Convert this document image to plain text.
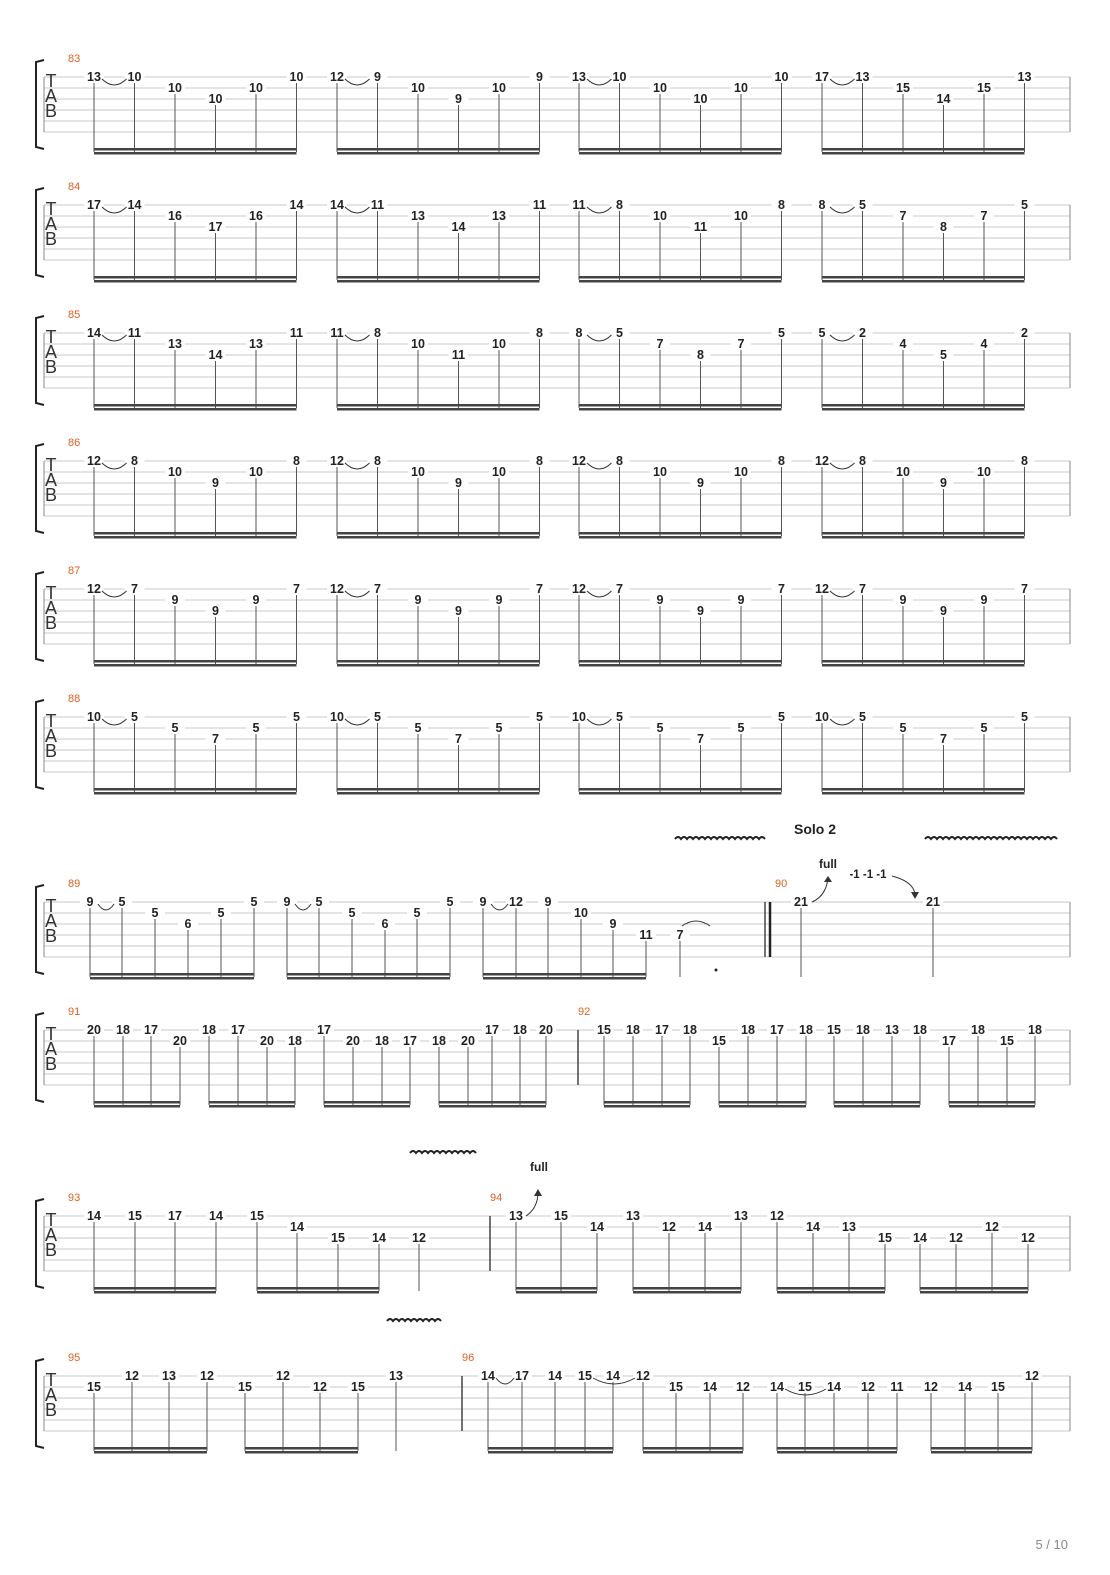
T
A
B
83
13 10
10
10
10
10 12 9
10
9
10
9 13 10
10
10
10
10 17 13
15
14
15
13
T
A
B
84
17 14
16
17
16
14 14 11
13
14
13
11 11 8
10
11
10
8	8	5
7
8
7
5
T
A
B
85
14 11
13
14
13
11 11 8
10
11
10
8	8	5
7
8
7
5	5	2
4
5
4
2
T
A
B
86
12 8
10
9
10
8 12 8
10
9
10
8 12 8
10
9
10
8 12 8
10
9
10
8
T
A
B
87
12 7
9
9
9
7 12 7
9
9
9
7 12 7
9
9
9
7 12 7
9
9
9
7
T
A
B
88
10 5
5
7
5
5 10 5
5
7
5
5 10 5
5
7
5
5 10 5
5
7
5
5
T
A
B
89	90
9 5
5
6
5
5 9 5
5
6
5
5 9 12 9
10
9
11 7
21	21
full
-1 -1 -1
T
A
B
91	92
20 18 17
20
18 17
20 18
17
20 18 17 18 20
17 18 20	15 18 17 18
15
18 17 18 15 18 13 18
17
18
15
18
T
A
B
93	94
14 15 17 14 15
14
15 14 12
13 15
14
13
12 14
13 12
14 13
15 14 12
12
12
full
T
A
B
95	96
15
12 13 12
15
12
12 15
13	14 17 14 15 14 12
15 14 12 14 15 14 12 11 12 14 15
12
Solo 2
5 / 10
